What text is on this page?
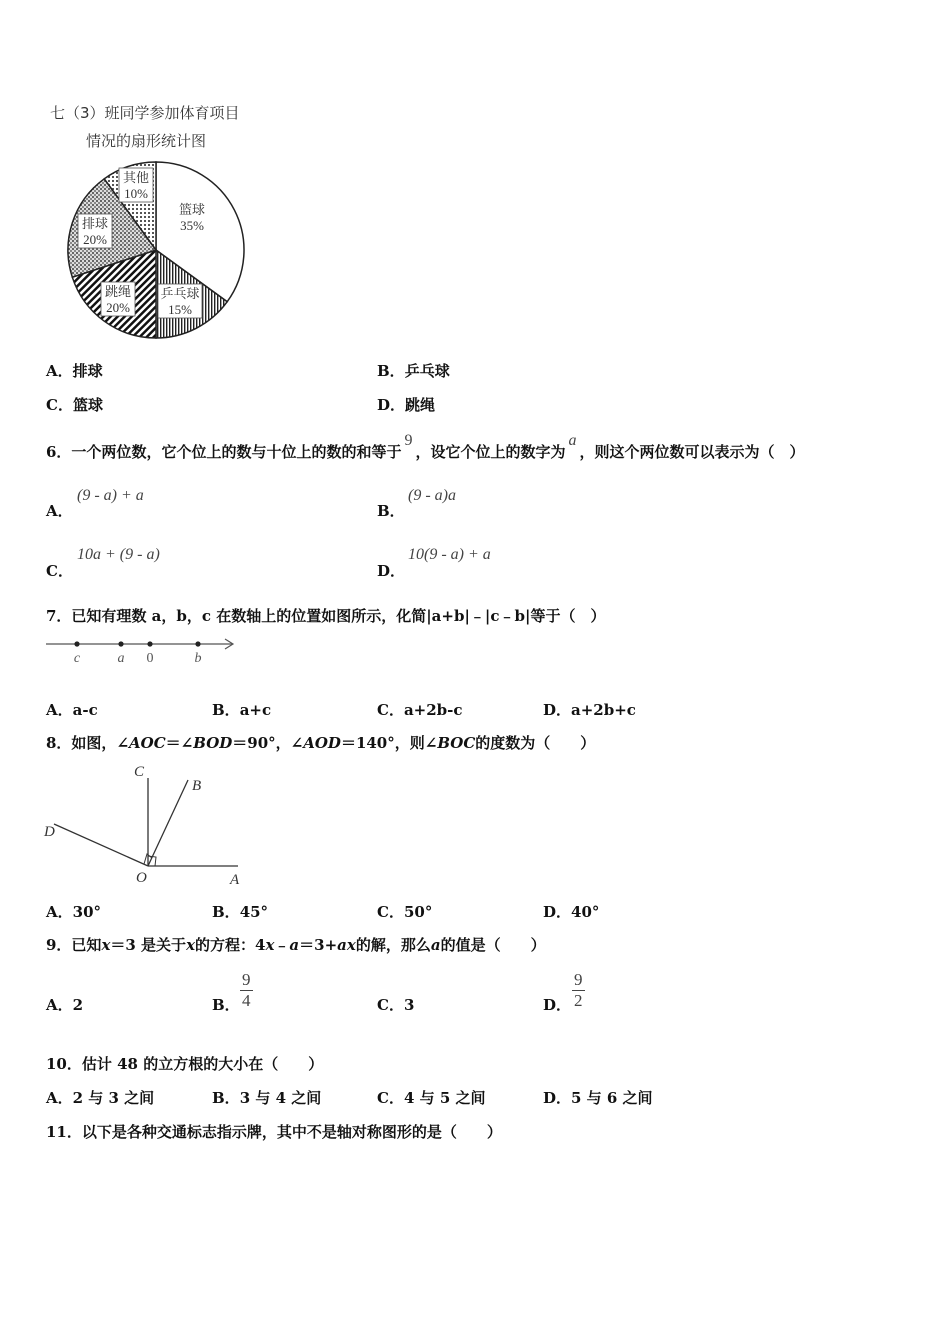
七（3）班同学参加体育项目
情况的扇形统计图
篮球
35%
乒乓球
15%
跳绳
20%
排球
20%
其他
10%
A．排球	B．乒乓球
C．篮球	D．跳绳
6．一个两位数，它个位上的数与十位上的数的和等于9，设它个位上的数字为a，则这个两位数可以表示为（　）
A．
(9 - a) + a
B．
(9 - a)a
C．
10a + (9 - a)
D．
10(9 - a) + a
7．已知有理数 a，b，c 在数轴上的位置如图所示，化简|a+b|﹣|c﹣b|等于（　）
c	a 0	b
A．a-c	B．a+c	C．a+2b-c	D．a+2b+c
8．如图，∠AOC＝∠BOD＝90°，∠AOD＝140°，则∠BOC的度数为（　　）
C
B
D
O	A
A．30°	B．45°	C．50°	D．40°
9．已知x＝3 是关于x的方程：4x﹣a＝3+ax的解，那么a的值是（　　）
A．2	B． $\frac{9}{4}$	C．3	D． $\frac{9}{2}$
10．估计 48 的立方根的大小在（　　）
A．2 与 3 之间	B．3 与 4 之间	C．4 与 5 之间	D．5 与 6 之间
11．以下是各种交通标志指示牌，其中不是轴对称图形的是（　　）
